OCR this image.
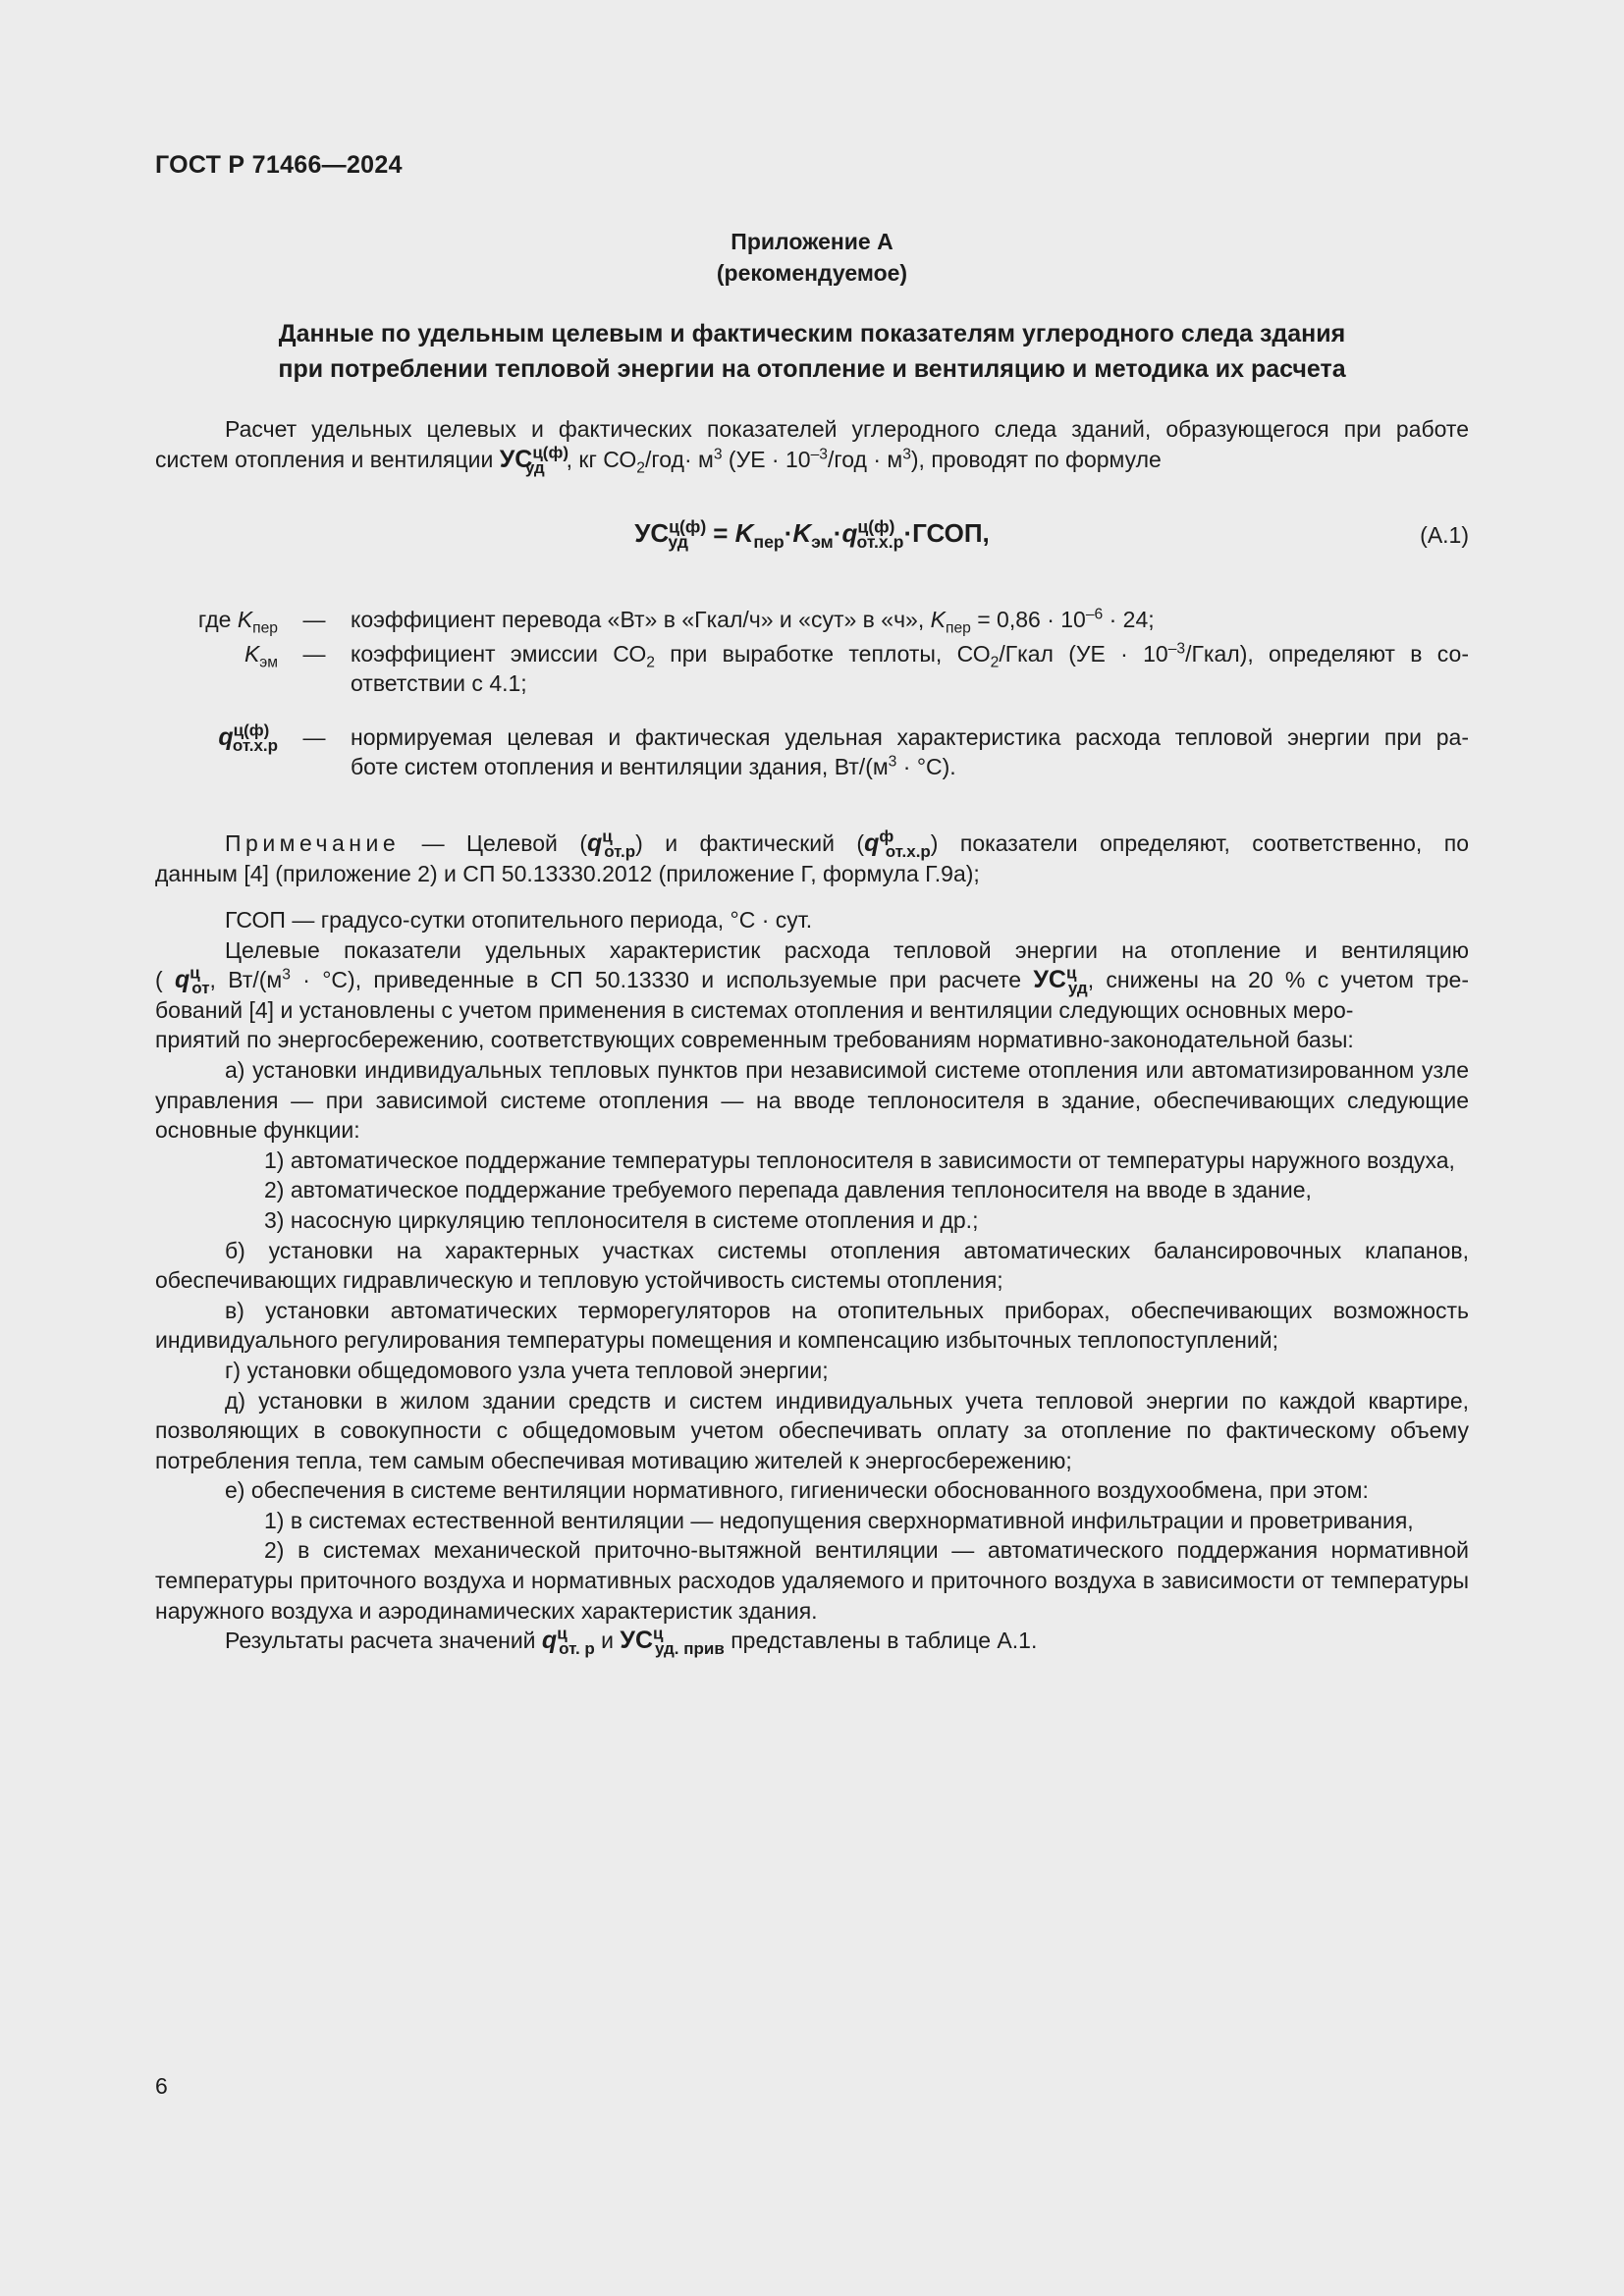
ГОСТ Р 71466—2024
Приложение А
(рекомендуемое)
Данные по удельным целевым и фактическим показателям углеродного следа здания
при потреблении тепловой энергии на отопление и вентиляцию и методика их расчета

Расчет удельных целевых и фактических показателей углеродного следа зданий, образующегося при работе

систем отопления и вентиляции $УС^{ц(ф)}_{уд}$ , кг $СО_2/год\cdot м^3$ ($УЕ \cdot 10^{-3}$/год · $м^3$), проводят по формуле

$УС^{ц(ф)}_{уд}$ = $K_{пер}\cdot K_{эм}\cdot q^{ц(ф)}_{от.х.р}\cdot ГСОП$,	(А.1)
где $K_{пер}$	—	коэффициент перевода «Вт» в «Гкал/ч» и «сут» в «ч», $K_{пер} = 0,86 \cdot 10^{-6} \cdot 24$;
$K_{эм}$	—	коэффициент эмиссии $СО_2$ при выработке теплоты, $СО_2$/Гкал $(УЕ \cdot 10^{-3}/Гкал)$, определяют в со-
ответствии с 4.1;
$q^{ц(ф)}_{от.х.р}$	—	нормируемая целевая и фактическая удельная характеристика расхода тепловой энергии при ра-
боте систем отопления и вентиляции здания, $Вт/(м^3 \cdot ^\circ С)$.

Примечание — Целевой $(q^ц_{от.р})$ и фактический $(q^ф_{от.х.р})$ показатели определяют, соответственно, по

данным [4] (приложение 2) и СП 50.13330.2012 (приложение Г, формула Г.9а);

ГСОП — градусо-сутки отопительного периода, °С · сут.

Целевые показатели удельных характеристик расхода тепловой энергии на отопление и вентиляцию

( $q^ц_{от}$, $Вт/(м^3 \cdot ^\circ С)$, приведенные в СП 50.13330 и используемые при расчете $УС^ц_{уд}$, снижены на 20 % с учетом тре-

бований [4] и установлены с учетом применения в системах отопления и вентиляции следующих основных меро-

приятий по энергосбережению, соответствующих современным требованиям нормативно-законодательной базы:

а) установки индивидуальных тепловых пунктов при независимой системе отопления или автоматизированном узле управления — при зависимой системе отопления — на вводе теплоносителя в здание, обеспечивающих следующие основные функции:

1) автоматическое поддержание температуры теплоносителя в зависимости от температуры наружного воздуха,

2) автоматическое поддержание требуемого перепада давления теплоносителя на вводе в здание,

3) насосную циркуляцию теплоносителя в системе отопления и др.;

б) установки на характерных участках системы отопления автоматических балансировочных клапанов, обеспечивающих гидравлическую и тепловую устойчивость системы отопления;

в) установки автоматических терморегуляторов на отопительных приборах, обеспечивающих возможность индивидуального регулирования температуры помещения и компенсацию избыточных теплопоступлений;

г) установки общедомового узла учета тепловой энергии;

д) установки в жилом здании средств и систем индивидуальных учета тепловой энергии по каждой квартире, позволяющих в совокупности с общедомовым учетом обеспечивать оплату за отопление по фактическому объему потребления тепла, тем самым обеспечивая мотивацию жителей к энергосбережению;

е) обеспечения в системе вентиляции нормативного, гигиенически обоснованного воздухообмена, при этом:

1) в системах естественной вентиляции — недопущения сверхнормативной инфильтрации и проветривания,

2) в системах механической приточно-вытяжной вентиляции — автоматического поддержания нормативной температуры приточного воздуха и нормативных расходов удаляемого и приточного воздуха в зависимости от температуры наружного воздуха и аэродинамических характеристик здания.

Результаты расчета значений $q^ц_{от. р}$ и $УС^ц_{уд. прив}$ представлены в таблице А.1.

6
